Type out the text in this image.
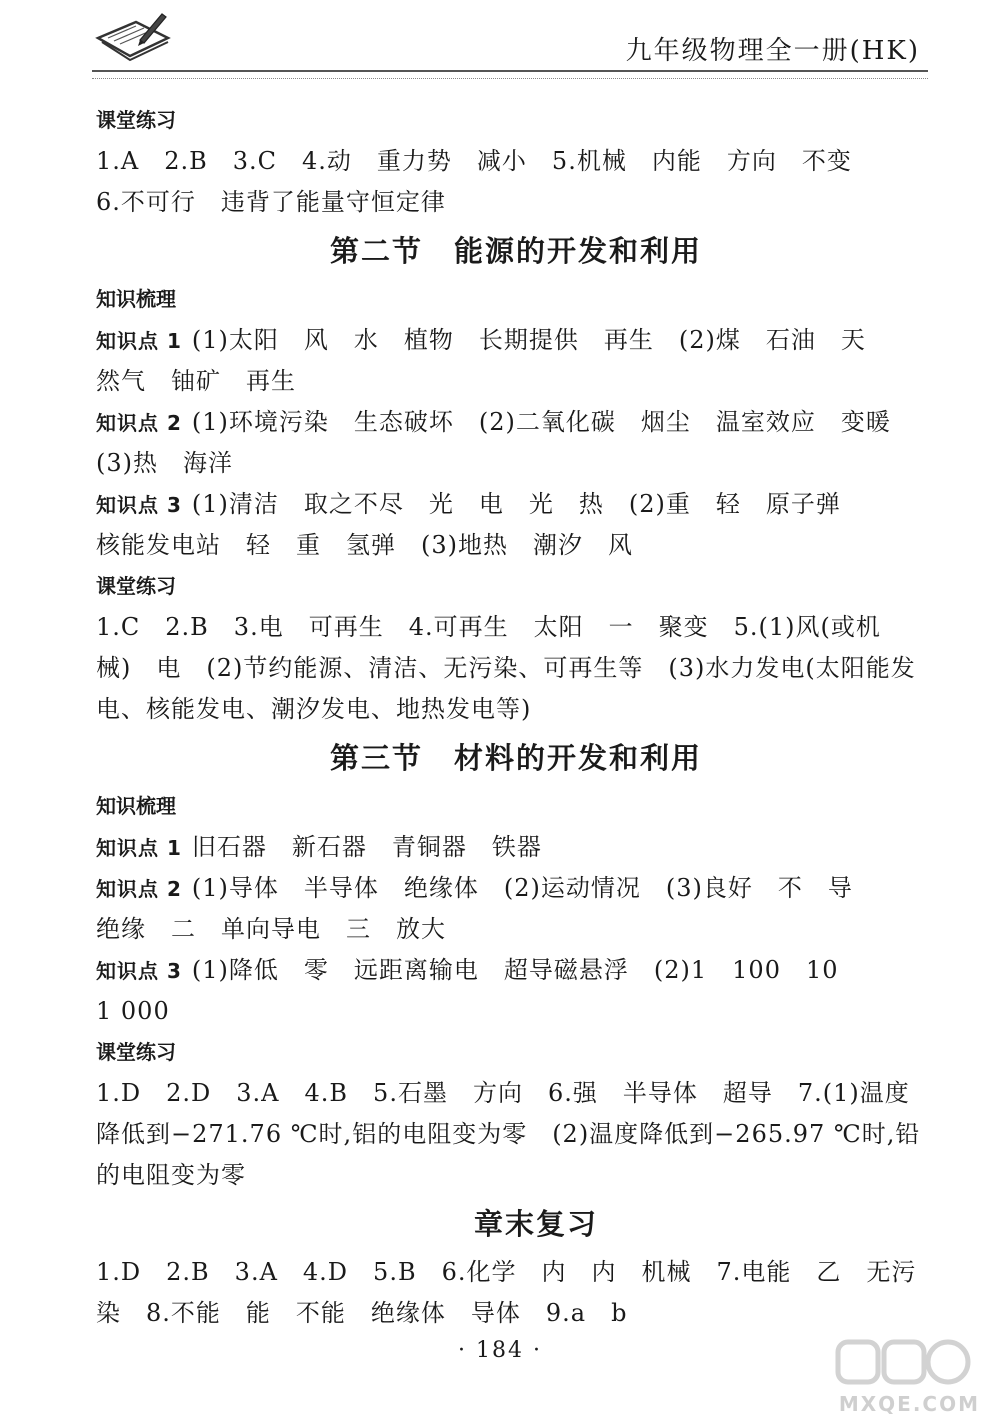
九年级物理全一册(HK)
课堂练习
1.A　2.B　3.C　4.动　重力势　减小　5.机械　内能　方向　不变
6.不可行　违背了能量守恒定律
第二节　能源的开发和利用
知识梳理
知识点 1 (1)太阳　风　水　植物　长期提供　再生　(2)煤　石油　天
然气　铀矿　再生
知识点 2 (1)环境污染　生态破坏　(2)二氧化碳　烟尘　温室效应　变暖
(3)热　海洋
知识点 3 (1)清洁　取之不尽　光　电　光　热　(2)重　轻　原子弹
核能发电站　轻　重　氢弹　(3)地热　潮汐　风
课堂练习
1.C　2.B　3.电　可再生　4.可再生　太阳　一　聚变　5.(1)风(或机
械)　电　(2)节约能源、清洁、无污染、可再生等　(3)水力发电(太阳能发
电、核能发电、潮汐发电、地热发电等)
第三节　材料的开发和利用
知识梳理
知识点 1 旧石器　新石器　青铜器　铁器
知识点 2 (1)导体　半导体　绝缘体　(2)运动情况　(3)良好　不　导
绝缘　二　单向导电　三　放大
知识点 3 (1)降低　零　远距离输电　超导磁悬浮　(2)1　100　10
1 000
课堂练习
1.D　2.D　3.A　4.B　5.石墨　方向　6.强　半导体　超导　7.(1)温度
降低到−271.76 ℃时,铝的电阻变为零　(2)温度降低到−265.97 ℃时,铅
的电阻变为零
章末复习
1.D　2.B　3.A　4.D　5.B　6.化学　内　内　机械　7.电能　乙　无污
染　8.不能　能　不能　绝缘体　导体　9.a　b
· 184 ·
MXQE.COM
